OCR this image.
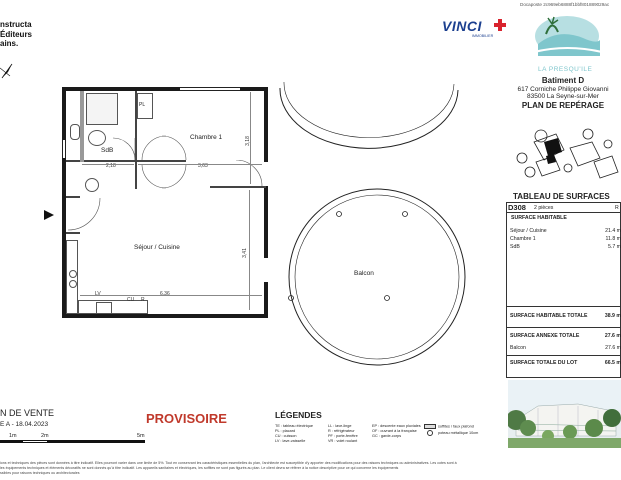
Docaposte 2c969eb6888f1bbf801889029ac
nstructa
Éditeurs
ains.
VINCI
IMMOBILIER
LA PRESQU'ILE
Batiment D
617 Corniche Philippe Giovanni
83500 La Seyne-sur-Mer
PLAN DE REPÉRAGE
PL
SdB
2,18
Chambre 1	3,18
3,63
LV
CU R
Séjour / Cuisine
3,41
6,36
Balcon
TABLEAU DE SURFACES
D308 2 pièces	R
SURFACE HABITABLE
Séjour / Cuisine	21.4 m
Chambre 1	11.8 m
SdB	5.7 m
SURFACE HABITABLE TOTALE	38.9 m
SURFACE ANNEXE TOTALE	27.6 m
Balcon	27.6 m
SURFACE TOTALE DU LOT	66.5 m
N DE VENTE
E A - 18.04.2023
1m	2m	5m
PROVISOIRE	LÉGENDES
TE : tableau électrique
PL : placard
CU : cuisson
LV : lave-vaisselle
LL : lave-linge
R : réfrigérateur
PF : porte-fenêtre
VR : volet roulant
EP : descente eaux pluviales
OF : ouvrant à la française
GC : garde-corps
soffites / faux plafond
poteau métallique 10cm
ions et techniques des pièces sont données à titre indicatif. Elles pourront varier dans une limite de 5%. Tout en conservant les caractéristiques essentielles du plan, l'architecte est susceptible d'y apporter des modifications pour des raisons techniques ou administratives. Les cotes sont à
les équipements techniques et éléments décoratifs ne sont donnés qu'à titre indicatif. Les appareils sanitaires et électriques, les soffites ne sont pas figurés au plan. Le client devra se référer à la notice descriptive pour ce qui concerne les équipements
ssibles pour raisons techniques ou architecturales
